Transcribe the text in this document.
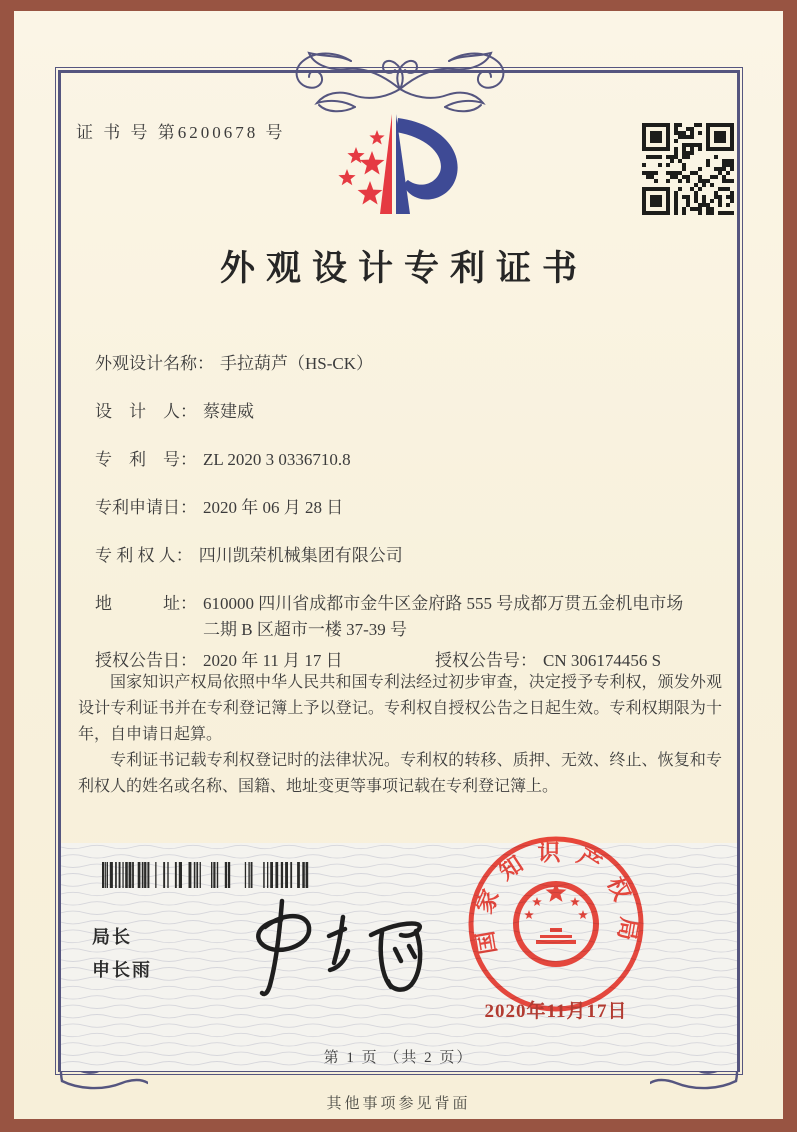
证 书 号 第6200678 号
外观设计专利证书
外观设计名称： 手拉葫芦（HS-CK）
设　计　人： 蔡建威
专　利　号： ZL 2020 3 0336710.8
专利申请日： 2020 年 06 月 28 日
专 利 权 人： 四川凯荣机械集团有限公司
地　　　址： 610000 四川省成都市金牛区金府路 555 号成都万贯五金机电市场二期 B 区超市一楼 37-39 号
授权公告日： 2020 年 11 月 17 日	授权公告号： CN 306174456 S

国家知识产权局依照中华人民共和国专利法经过初步审查，决定授予专利权，颁发外观设计专利证书并在专利登记簿上予以登记。专利权自授权公告之日起生效。专利权期限为十年，自申请日起算。

专利证书记载专利权登记时的法律状况。专利权的转移、质押、无效、终止、恢复和专利权人的姓名或名称、国籍、地址变更等事项记载在专利登记簿上。

局长
申长雨
国家知识产权局
2020年11月17日
第 1 页 （共 2 页）
其他事项参见背面
